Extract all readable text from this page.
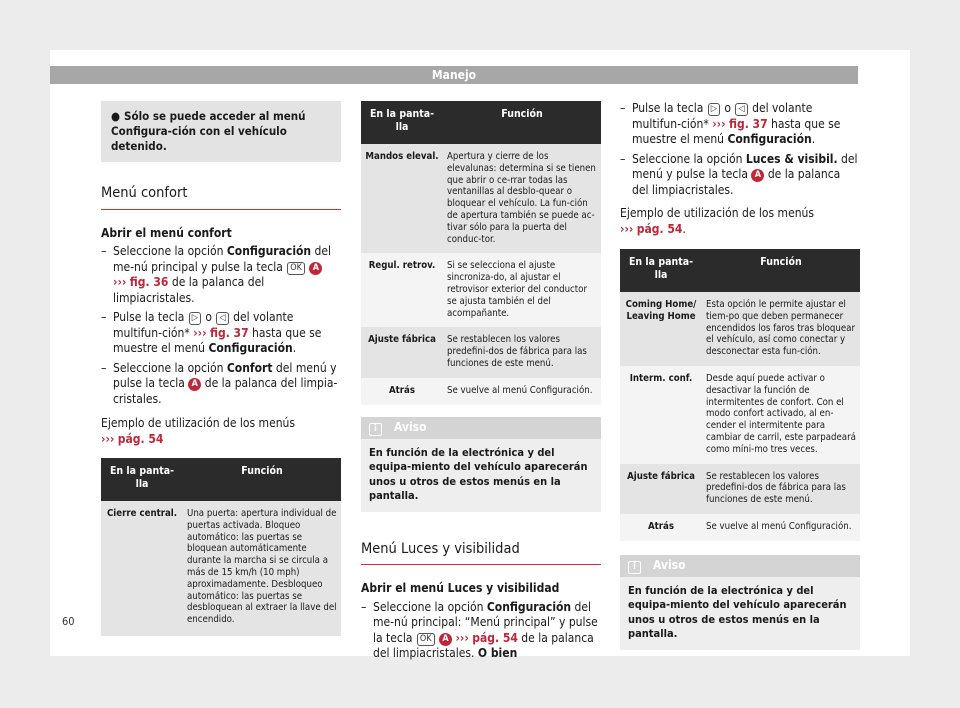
Manejo
● Sólo se puede acceder al menú Configura-ción con el vehículo detenido.
Menú confort
Abrir el menú confort
– Seleccione la opción Configuración del me-nú principal y pulse la tecla OK A
››› fig. 36 de la palanca del limpiacristales.
– Pulse la tecla ▷ o ◁ del volante multifun-ción* ››› fig. 37 hasta que se muestre el menú Configuración.
– Seleccione la opción Confort del menú y pulse la tecla A de la palanca del limpia-cristales.
Ejemplo de utilización de los menús
››› pág. 54
En la panta-lla	Función
Cierre central.	Una puerta: apertura individual de puertas activada. Bloqueo automático: las puertas se bloquean automáticamente durante la marcha si se circula a más de 15 km/h (10 mph) aproximadamente. Desbloqueo automático: las puertas se desbloquean al extraer la llave del encendido.
En la panta-lla	Función
Mandos eleval.	Apertura y cierre de los elevalunas: determina si se tienen que abrir o ce-rrar todas las ventanillas al desblo-quear o bloquear el vehículo. La fun-ción de apertura también se puede ac-tivar sólo para la puerta del conduc-tor.
Regul. retrov.	Si se selecciona el ajuste sincroniza-do, al ajustar el retrovisor exterior del conductor se ajusta también el del acompañante.
Ajuste fábrica	Se restablecen los valores predefini-dos de fábrica para las funciones de este menú.
Atrás	Se vuelve al menú Configuración.
i Aviso
En función de la electrónica y del equipa-miento del vehículo aparecerán unos u otros de estos menús en la pantalla.
Menú Luces y visibilidad
Abrir el menú Luces y visibilidad
– Seleccione la opción Configuración del me-nú principal: “Menú principal” y pulse la tecla OK A ››› pág. 54 de la palanca del limpiacristales. O bien
– Pulse la tecla ▷ o ◁ del volante multifun-ción* ››› fig. 37 hasta que se muestre el menú Configuración.
– Seleccione la opción Luces & visibil. del menú y pulse la tecla A de la palanca del limpiacristales.
Ejemplo de utilización de los menús
››› pág. 54.
En la panta-lla	Función
Coming Home/ Leaving Home	Esta opción le permite ajustar el tiem-po que deben permanecer encendidos los faros tras bloquear el vehículo, así como conectar y desconectar esta fun-ción.
Interm. conf.	Desde aquí puede activar o desactivar la función de intermitentes de confort. Con el modo confort activado, al en-cender el intermitente para cambiar de carril, este parpadeará como míni-mo tres veces.
Ajuste fábrica	Se restablecen los valores predefini-dos de fábrica para las funciones de este menú.
Atrás	Se vuelve al menú Configuración.
i Aviso
En función de la electrónica y del equipa-miento del vehículo aparecerán unos u otros de estos menús en la pantalla.
60
